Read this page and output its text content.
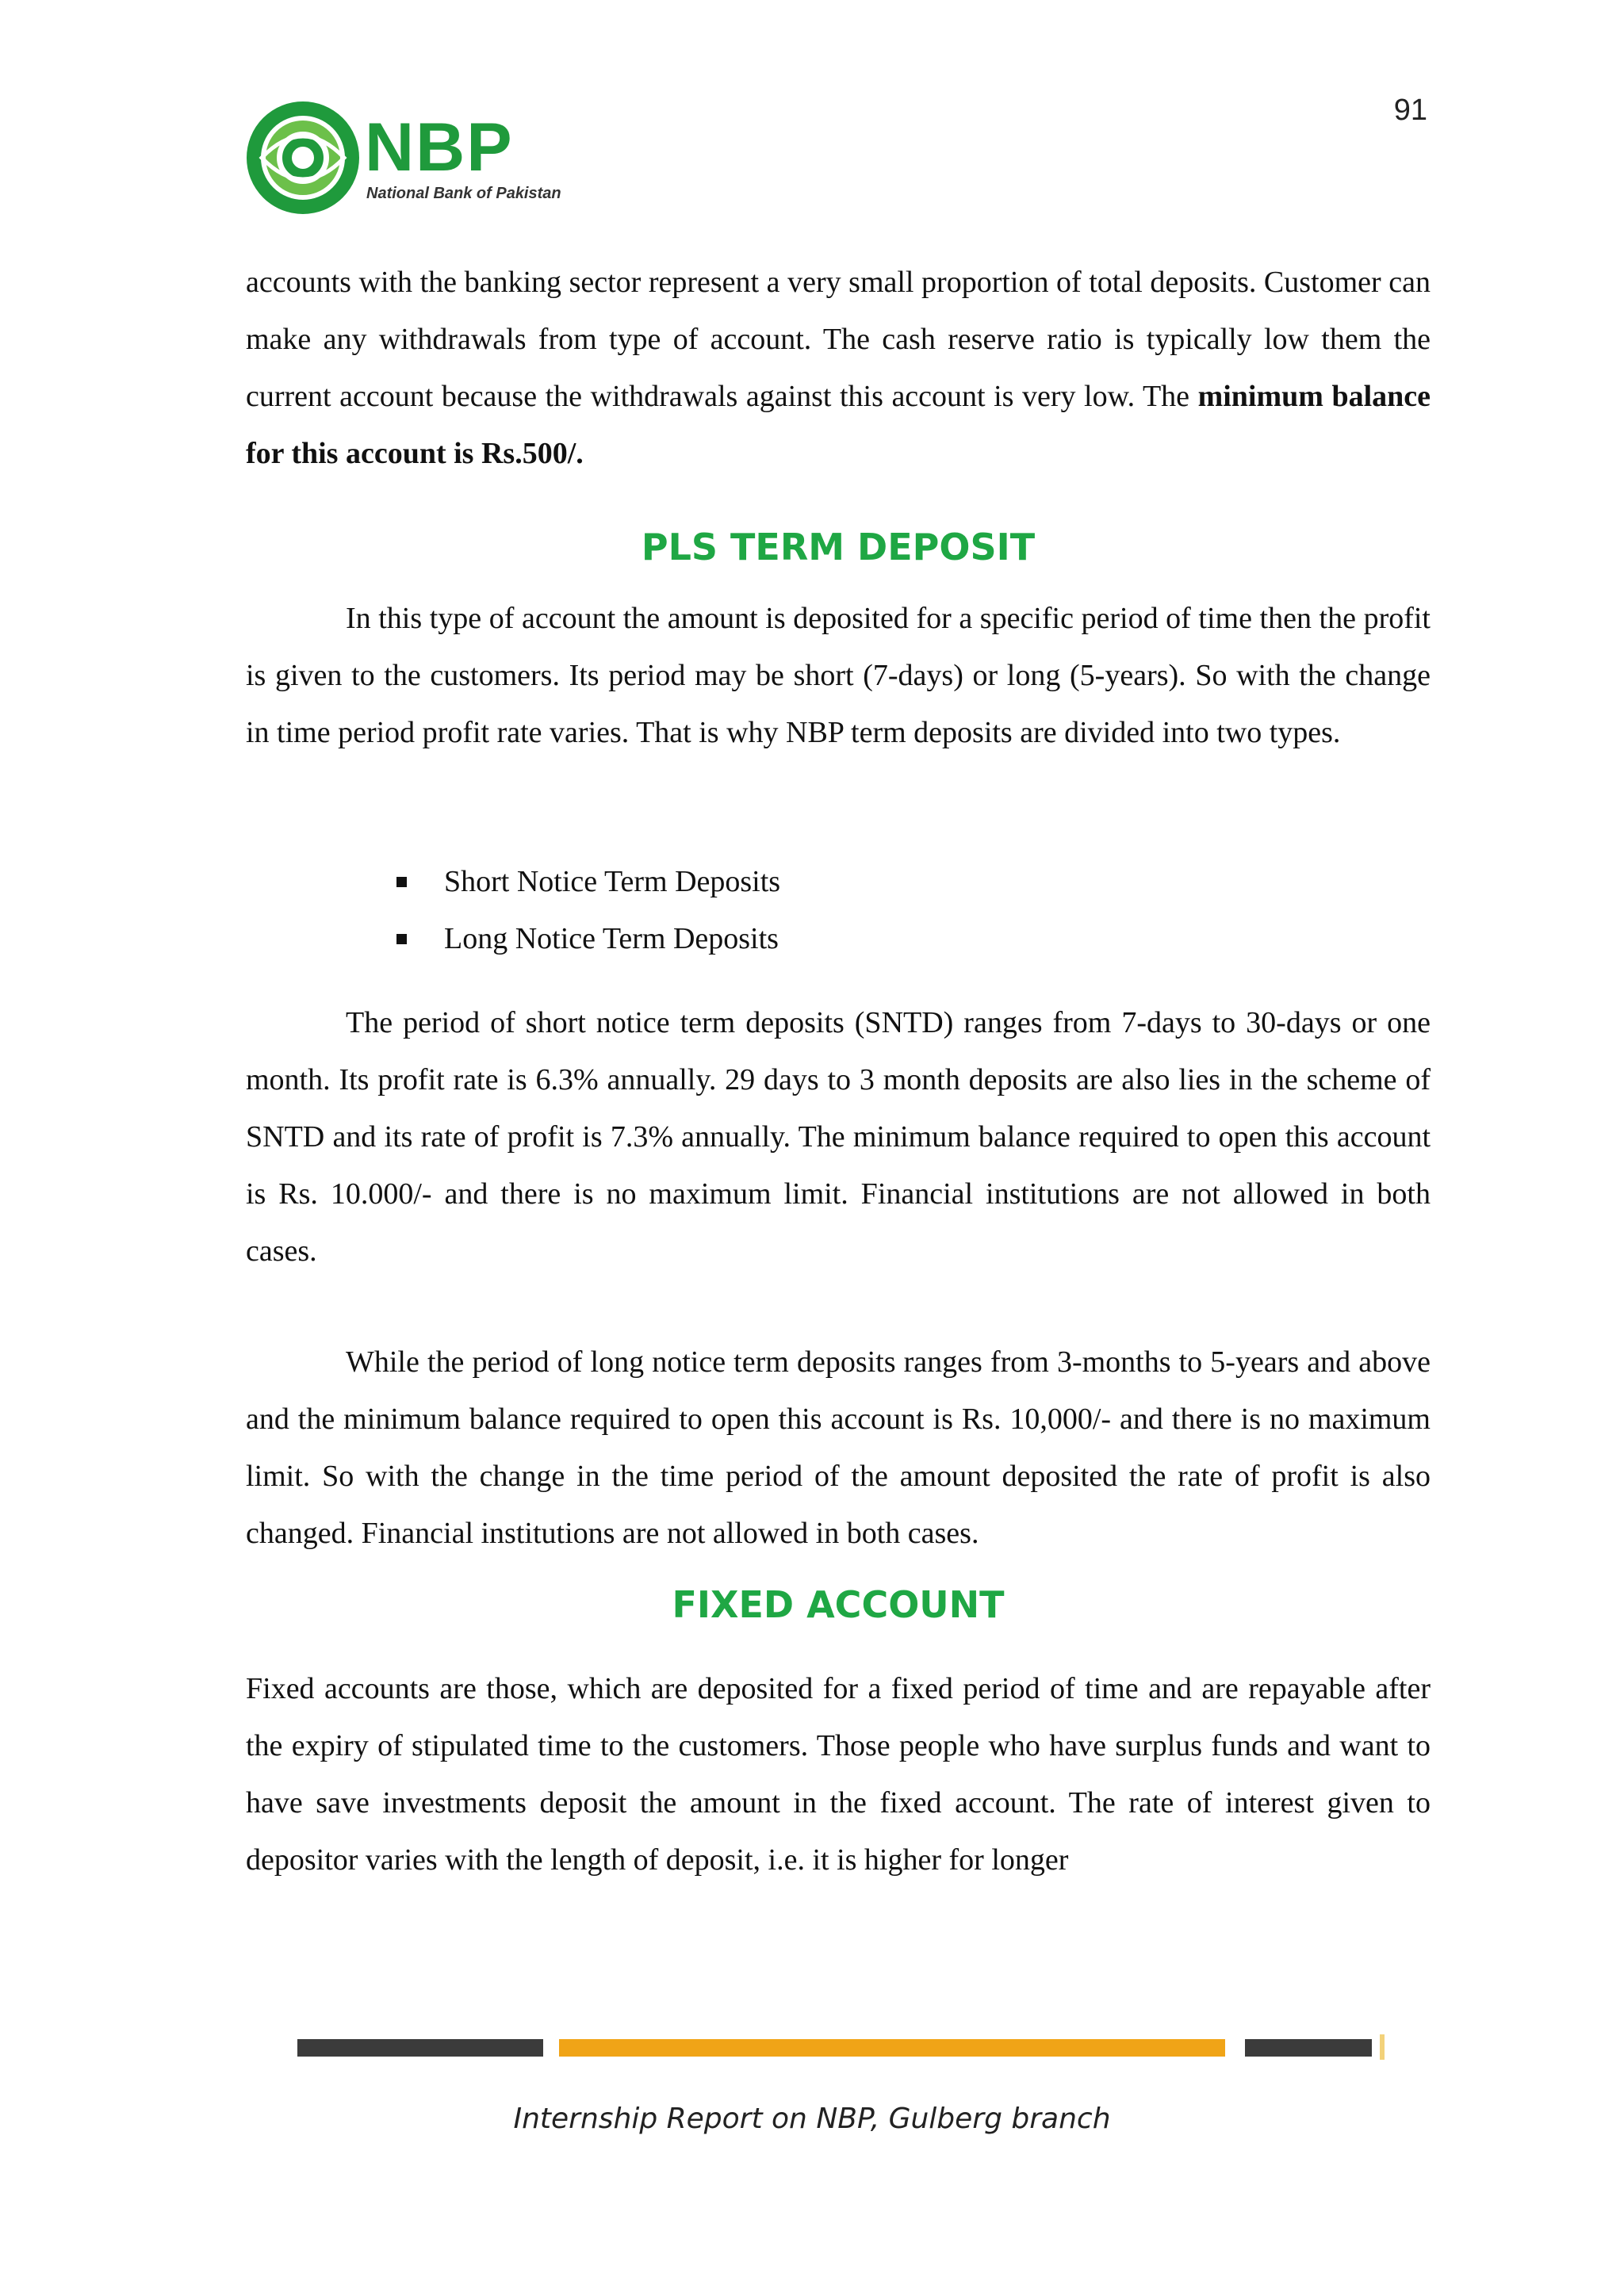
91
NBP
National Bank of Pakistan

accounts with the banking sector represent a very small proportion of total deposits. Customer can make any withdrawals from type of account. The cash reserve ratio is typically low them the current account because the withdrawals against this account is very low. The minimum balance for this account is Rs.500/.

PLS TERM DEPOSIT

In this type of account the amount is deposited for a specific period of time then the profit is given to the customers. Its period may be short (7-days) or long (5-years). So with the change in time period profit rate varies. That is why NBP term deposits are divided into two types.

Short Notice Term Deposits
Long Notice Term Deposits

The period of short notice term deposits (SNTD) ranges from 7-days to 30-days or one month. Its profit rate is 6.3% annually. 29 days to 3 month deposits are also lies in the scheme of SNTD and its rate of profit is 7.3% annually. The minimum balance required to open this account is Rs. 10.000/- and there is no maximum limit. Financial institutions are not allowed in both cases.

While the period of long notice term deposits ranges from 3-months to 5-years and above and the minimum balance required to open this account is Rs. 10,000/- and there is no maximum limit. So with the change in the time period of the amount deposited the rate of profit is also changed. Financial institutions are not allowed in both cases.

FIXED ACCOUNT

Fixed accounts are those, which are deposited for a fixed period of time and are repayable after the expiry of stipulated time to the customers. Those people who have surplus funds and want to have save investments deposit the amount in the fixed account. The rate of interest given to depositor varies with the length of deposit, i.e. it is higher for longer

Internship Report on NBP, Gulberg branch
